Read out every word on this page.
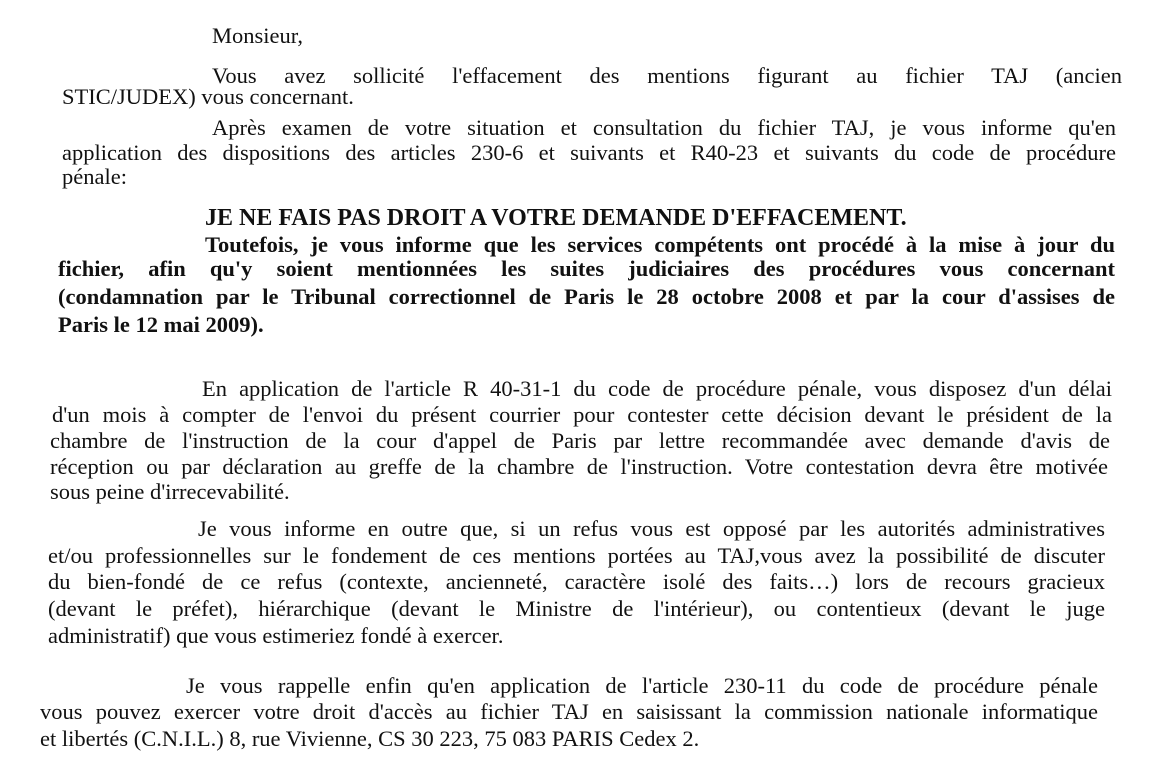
Monsieur,
Vous avez sollicité l'effacement des mentions figurant au fichier TAJ (ancien
STIC/JUDEX) vous concernant.
Après examen de votre situation et consultation du fichier TAJ, je vous informe qu'en
application des dispositions des articles 230-6 et suivants et R40-23 et suivants du code de procédure
pénale:
JE NE FAIS PAS DROIT A VOTRE DEMANDE D'EFFACEMENT.
Toutefois, je vous informe que les services compétents ont procédé à la mise à jour du
fichier, afin qu'y soient mentionnées les suites judiciaires des procédures vous concernant
(condamnation par le Tribunal correctionnel de Paris le 28 octobre 2008 et par la cour d'assises de
Paris le 12 mai 2009).
En application de l'article R 40-31-1 du code de procédure pénale, vous disposez d'un délai
d'un mois à compter de l'envoi du présent courrier pour contester cette décision devant le président de la
chambre de l'instruction de la cour d'appel de Paris par lettre recommandée avec demande d'avis de
réception ou par déclaration au greffe de la chambre de l'instruction. Votre contestation devra être motivée
sous peine d'irrecevabilité.
Je vous informe en outre que, si un refus vous est opposé par les autorités administratives
et/ou professionnelles sur le fondement de ces mentions portées au TAJ,vous avez la possibilité de discuter
du bien-fondé de ce refus (contexte, ancienneté, caractère isolé des faits…) lors de recours gracieux
(devant le préfet), hiérarchique (devant le Ministre de l'intérieur), ou contentieux (devant le juge
administratif) que vous estimeriez fondé à exercer.
Je vous rappelle enfin qu'en application de l'article 230-11 du code de procédure pénale
vous pouvez exercer votre droit d'accès au fichier TAJ en saisissant la commission nationale informatique
et libertés (C.N.I.L.) 8, rue Vivienne, CS 30 223, 75 083 PARIS Cedex 2.
